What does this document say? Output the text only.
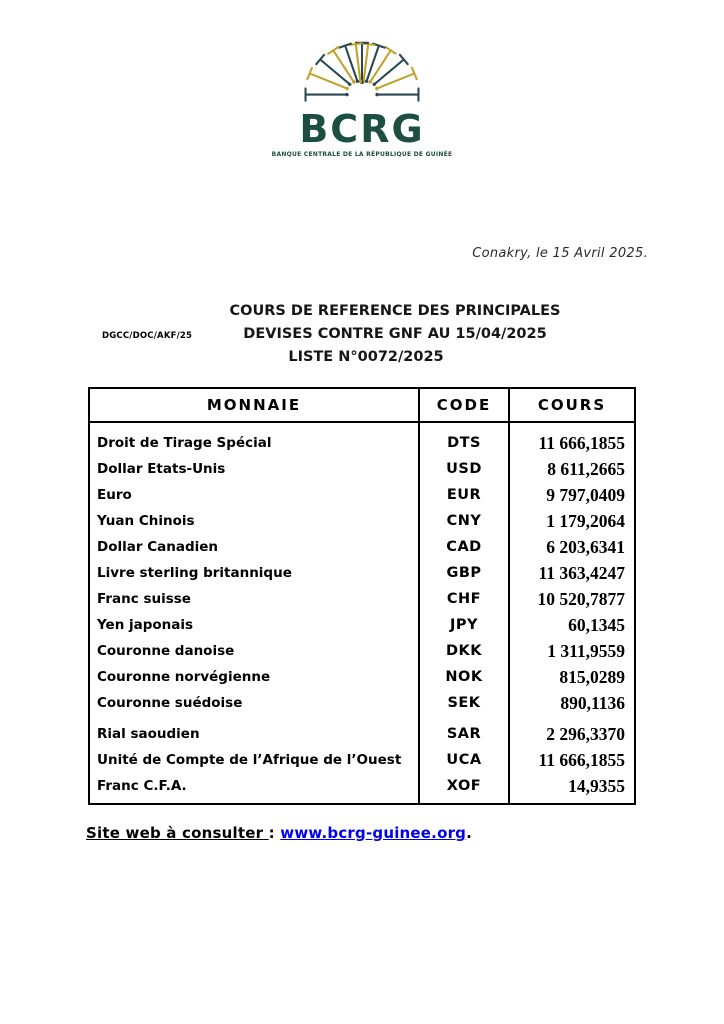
BCRG
BANQUE CENTRALE DE LA RÉPUBLIQUE DE GUINÉE
Conakry, le 15 Avril 2025.
DGCC/DOC/AKF/25
COURS DE REFERENCE DES PRINCIPALES
DEVISES CONTRE GNF AU 15/04/2025
LISTE N°0072/2025
MONNAIE	CODE	COURS
Droit de Tirage Spécial	DTS	11 666,1855
Dollar Etats-Unis	USD	8 611,2665
Euro	EUR	9 797,0409
Yuan Chinois	CNY	1 179,2064
Dollar Canadien	CAD	6 203,6341
Livre sterling britannique	GBP	11 363,4247
Franc suisse	CHF	10 520,7877
Yen japonais	JPY	60,1345
Couronne danoise	DKK	1 311,9559
Couronne norvégienne	NOK	815,0289
Couronne suédoise	SEK	890,1136
Rial saoudien	SAR	2 296,3370
Unité de Compte de l’Afrique de l’Ouest	UCA	11 666,1855
Franc C.F.A.	XOF	14,9355
Site web à consulter : www.bcrg-guinee.org.
